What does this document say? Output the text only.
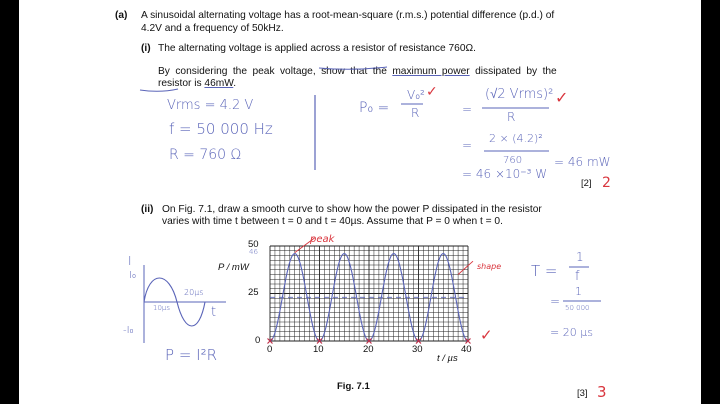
(a) A sinusoidal alternating voltage has a root-mean-square (r.m.s.) potential difference (p.d.) of
4.2V and a frequency of 50kHz.
(i) The alternating voltage is applied across a resistor of resistance 760Ω.
By considering the peak voltage, show that the maximum power dissipated by the
resistor is 46mW.
Vrms = 4.2 V
f = 50 000 Hz
R = 760 Ω
P₀ =
V₀²
R
✓
=
(√2 Vrms)²
R
✓
= 2 × (4.2)²
760
= 46 ×10⁻³ W
= 46 mW
[2] 2
(ii) On Fig. 7.1, draw a smooth curve to show how the power P dissipated in the resistor
varies with time t between t = 0 and t = 40µs. Assume that P = 0 when t = 0.
I
I₀
-I₀
t
10µs
20µs
P = I²R
50
25
0
46
P / mW
0	10	20	30	40
t / µs
peak
shape
✓
Fig. 7.1
T =
1
f
=
1
50 000
= 20 µs
[3] 3
